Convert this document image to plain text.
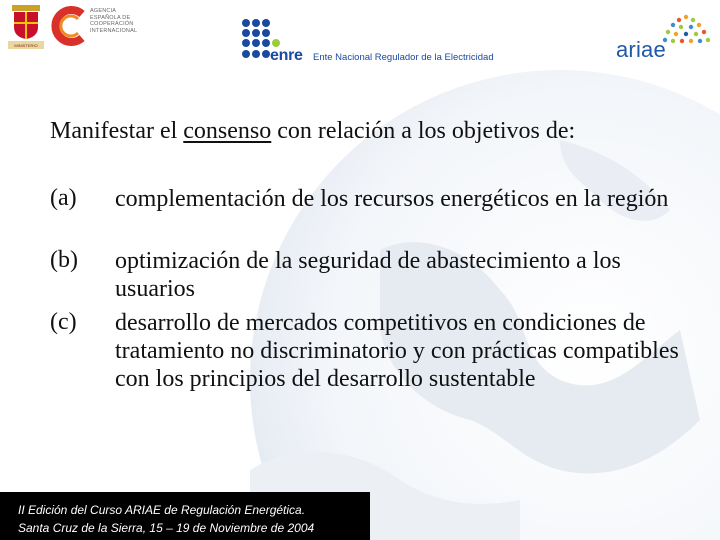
MINISTERIO
AGENCIA
ESPAÑOLA DE
COOPERACIÓN
INTERNACIONAL
enre Ente Nacional Regulador de la Electricidad	ariae
Manifestar el consenso con relación a los objetivos de:
(a) complementación de los recursos energéticos en la región
(b) optimización de la seguridad de abastecimiento a los usuarios
(c) desarrollo de mercados competitivos en condiciones de tratamiento no discriminatorio y con prácticas compatibles con los principios del desarrollo sustentable
II Edición del Curso ARIAE de Regulación Energética.
Santa Cruz de la Sierra, 15 – 19 de Noviembre de 2004
